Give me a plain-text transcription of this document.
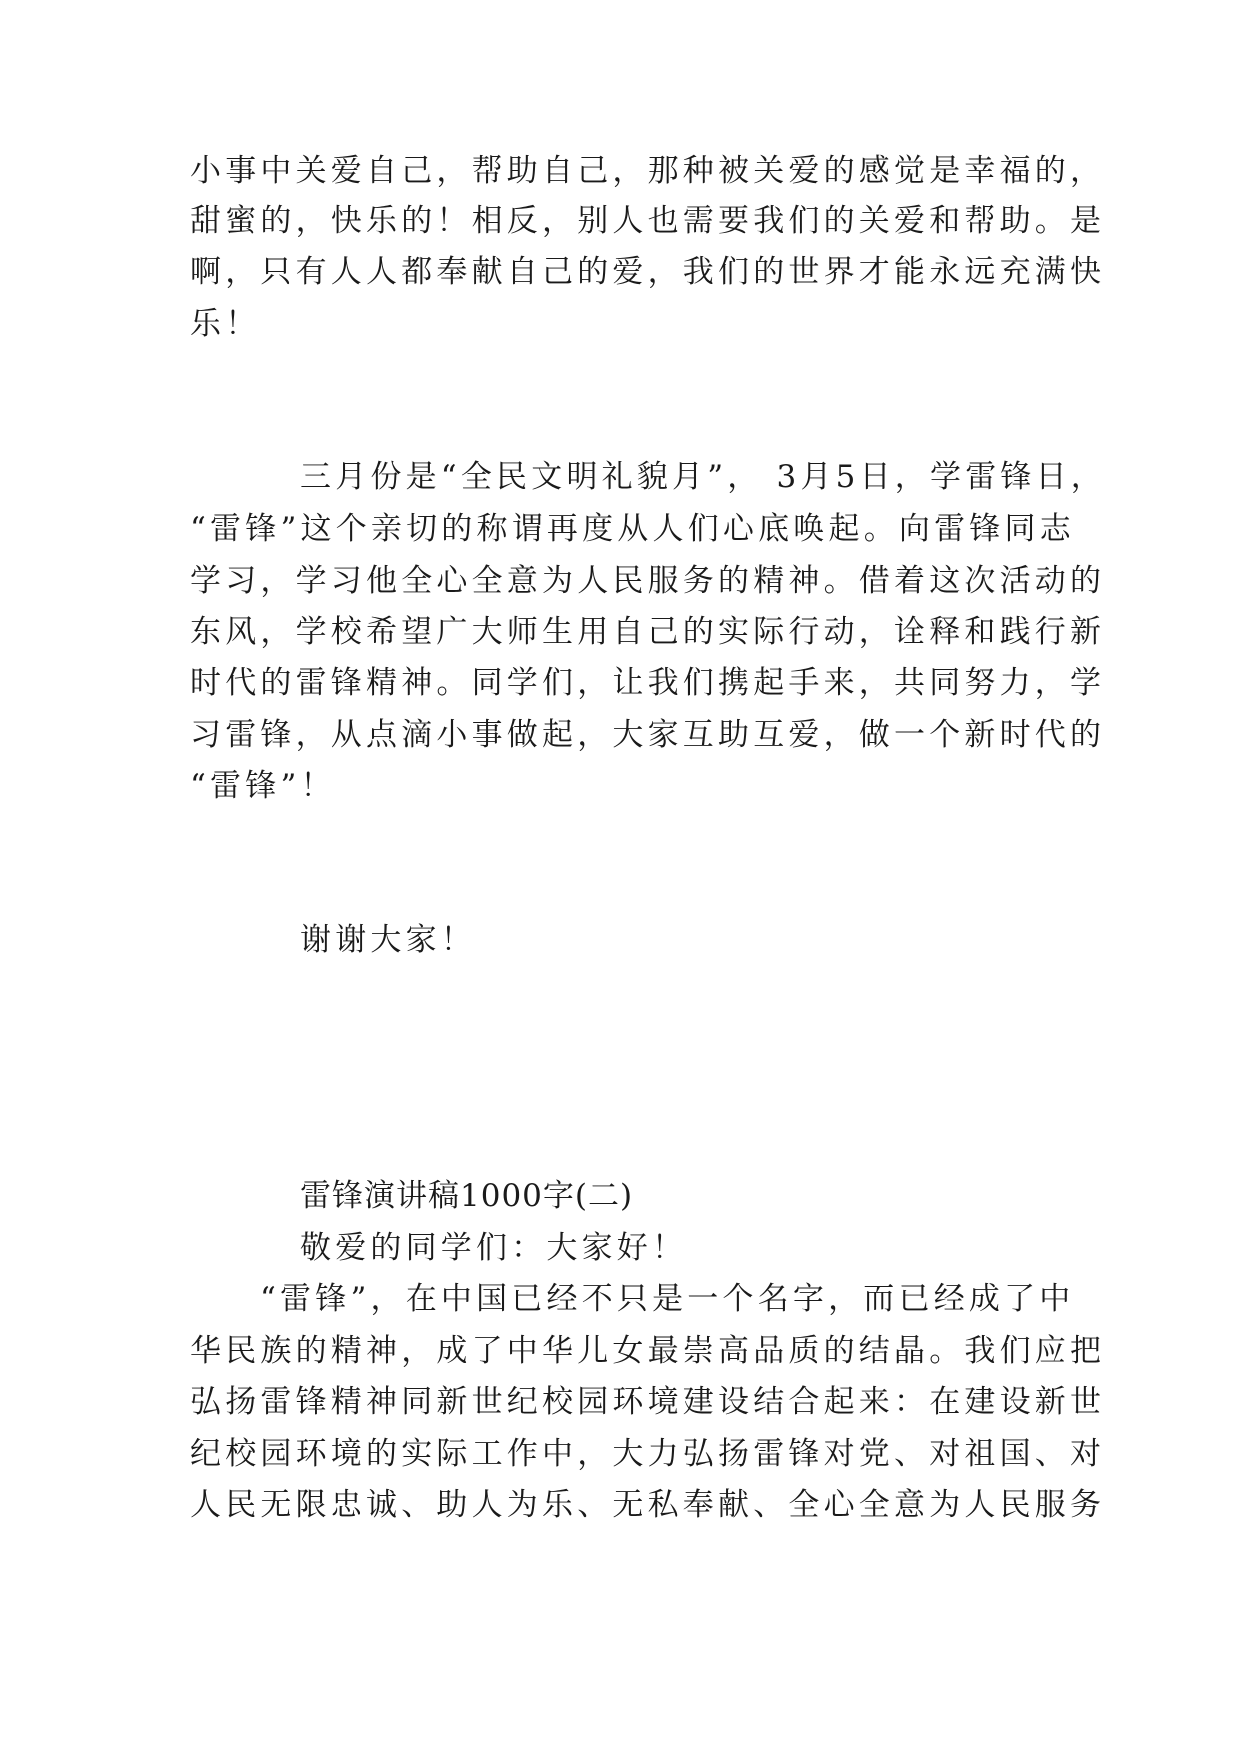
小事中关爱自己，帮助自己，那种被关爱的感觉是幸福的，
甜蜜的，快乐的！相反，别人也需要我们的关爱和帮助。是
啊，只有人人都奉献自己的爱，我们的世界才能永远充满快
乐！
三月份是“全民文明礼貌月”， 3月5日，学雷锋日，
“雷锋”这个亲切的称谓再度从人们心底唤起。向雷锋同志
学习，学习他全心全意为人民服务的精神。借着这次活动的
东风，学校希望广大师生用自己的实际行动，诠释和践行新
时代的雷锋精神。同学们，让我们携起手来，共同努力，学
习雷锋，从点滴小事做起，大家互助互爱，做一个新时代的
“雷锋”！
谢谢大家！
雷锋演讲稿1000字(二)
敬爱的同学们：大家好！
“雷锋”，在中国已经不只是一个名字，而已经成了中
华民族的精神，成了中华儿女最崇高品质的结晶。我们应把
弘扬雷锋精神同新世纪校园环境建设结合起来：在建设新世
纪校园环境的实际工作中，大力弘扬雷锋对党、对祖国、对
人民无限忠诚、助人为乐、无私奉献、全心全意为人民服务
